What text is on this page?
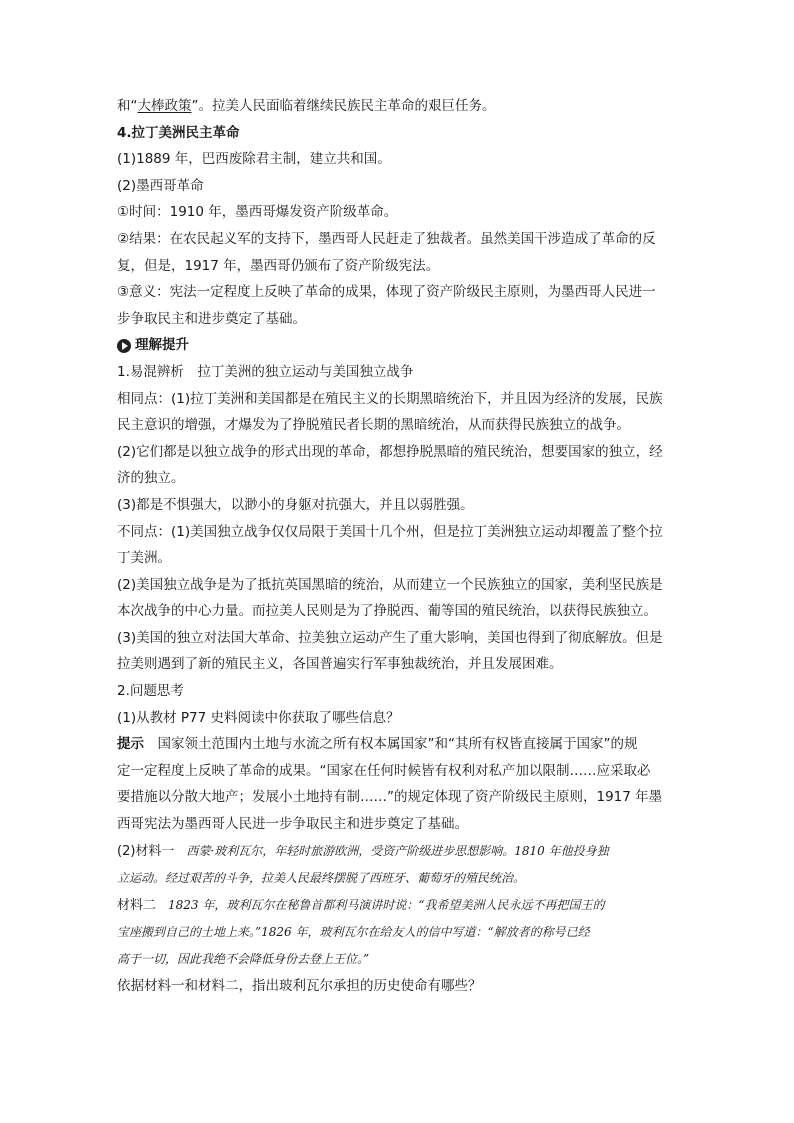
和“大棒政策”。拉美人民面临着继续民族民主革命的艰巨任务。
4.拉丁美洲民主革命
(1)1889 年，巴西废除君主制，建立共和国。
(2)墨西哥革命
①时间：1910 年，墨西哥爆发资产阶级革命。
②结果：在农民起义军的支持下，墨西哥人民赶走了独裁者。虽然美国干涉造成了革命的反
复，但是，1917 年，墨西哥仍颁布了资产阶级宪法。
③意义：宪法一定程度上反映了革命的成果，体现了资产阶级民主原则，为墨西哥人民进一
步争取民主和进步奠定了基础。
理解提升
1.易混辨析　拉丁美洲的独立运动与美国独立战争
相同点：(1)拉丁美洲和美国都是在殖民主义的长期黑暗统治下，并且因为经济的发展，民族
民主意识的增强，才爆发为了挣脱殖民者长期的黑暗统治，从而获得民族独立的战争。
(2)它们都是以独立战争的形式出现的革命，都想挣脱黑暗的殖民统治，想要国家的独立，经
济的独立。
(3)都是不惧强大，以渺小的身躯对抗强大，并且以弱胜强。
不同点：(1)美国独立战争仅仅局限于美国十几个州，但是拉丁美洲独立运动却覆盖了整个拉
丁美洲。
(2)美国独立战争是为了抵抗英国黑暗的统治，从而建立一个民族独立的国家，美利坚民族是
本次战争的中心力量。而拉美人民则是为了挣脱西、葡等国的殖民统治，以获得民族独立。
(3)美国的独立对法国大革命、拉美独立运动产生了重大影响，美国也得到了彻底解放。但是
拉美则遇到了新的殖民主义，各国普遍实行军事独裁统治，并且发展困难。
2.问题思考
(1)从教材 P77 史料阅读中你获取了哪些信息？
提示　国家领土范围内土地与水流之所有权本属国家”和“其所有权皆直接属于国家”的规
定一定程度上反映了革命的成果。“国家在任何时候皆有权利对私产加以限制……应采取必
要措施以分散大地产；发展小土地持有制……”的规定体现了资产阶级民主原则，1917 年墨
西哥宪法为墨西哥人民进一步争取民主和进步奠定了基础。
(2)材料一　西蒙·玻利瓦尔，年轻时旅游欧洲，受资产阶级进步思想影响。1810 年他投身独
立运动。经过艰苦的斗争，拉美人民最终摆脱了西班牙、葡萄牙的殖民统治。
材料二　1823 年，玻利瓦尔在秘鲁首都利马演讲时说：“我希望美洲人民永远不再把国王的
宝座搬到自己的土地上来。”1826 年，玻利瓦尔在给友人的信中写道：“解放者的称号已经
高于一切，因此我绝不会降低身份去登上王位。”
依据材料一和材料二，指出玻利瓦尔承担的历史使命有哪些？
